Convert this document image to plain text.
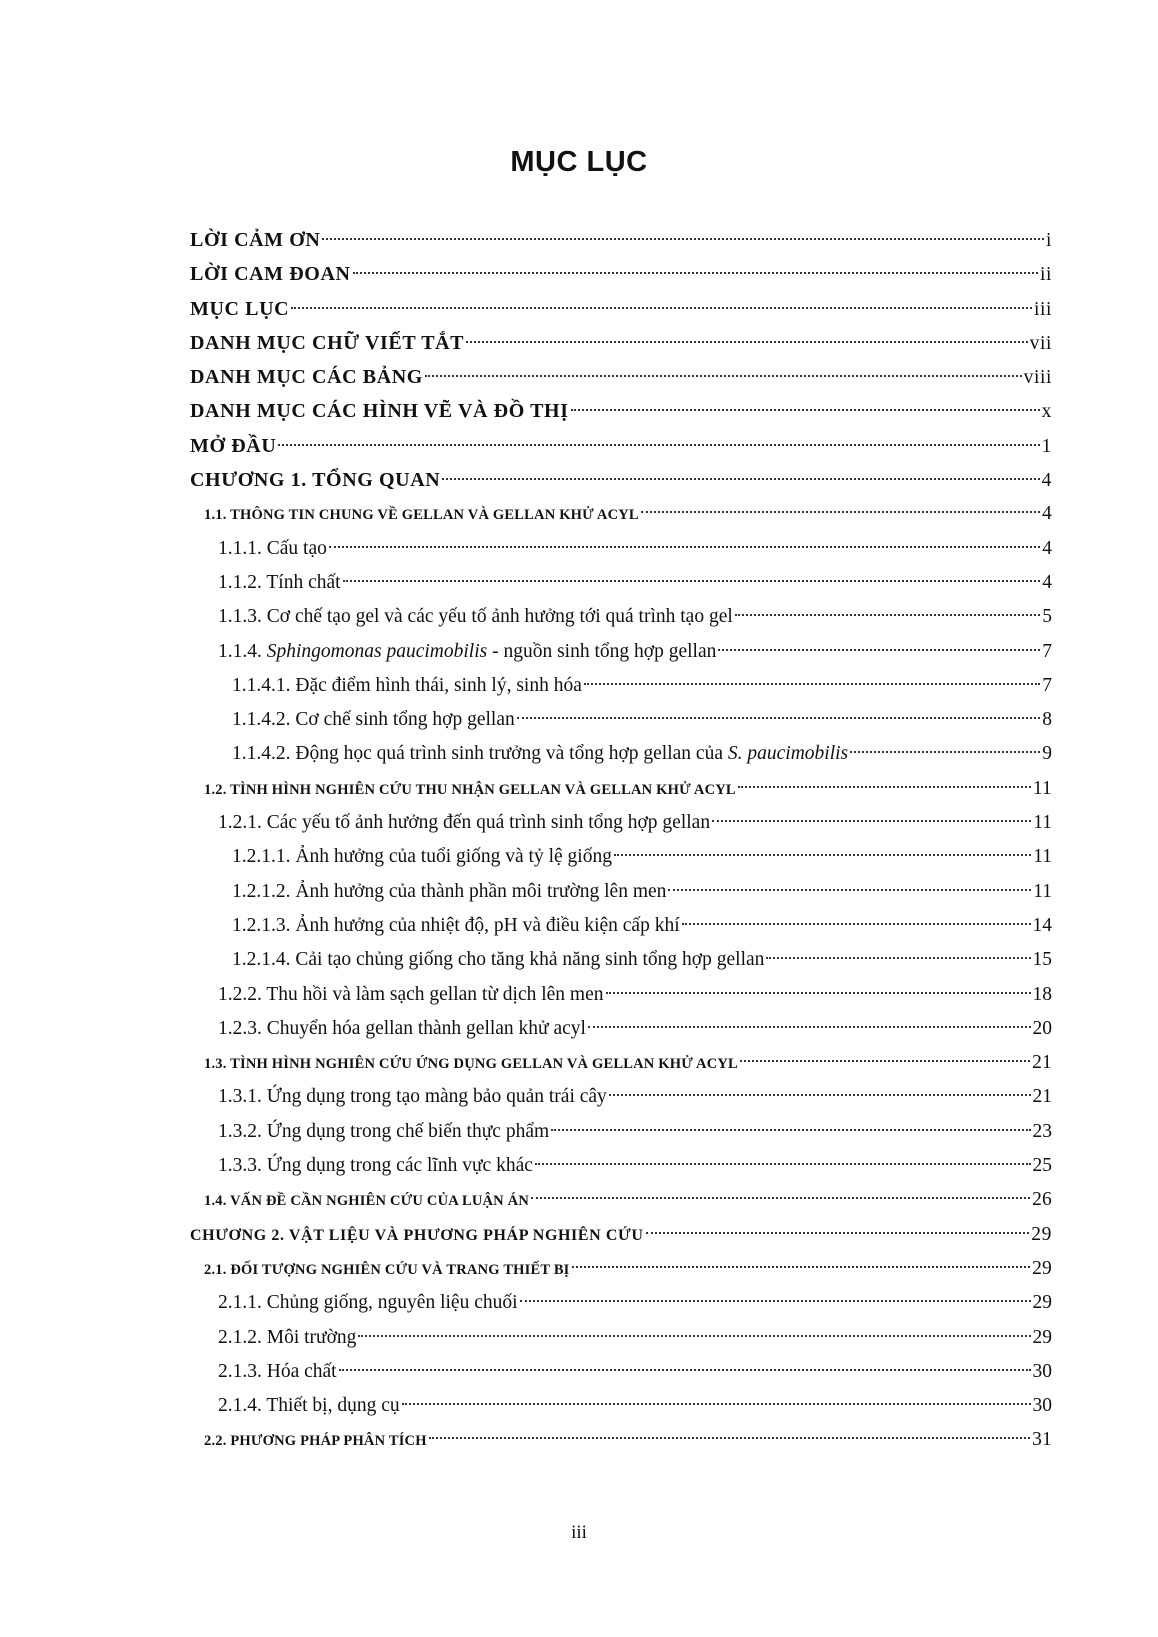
MỤC LỤC
LỜI CẢM ƠN	i
LỜI CAM ĐOAN	ii
MỤC LỤC	iii
DANH MỤC CHỮ VIẾT TẮT	vii
DANH MỤC CÁC BẢNG	viii
DANH MỤC CÁC HÌNH VẼ VÀ ĐỒ THỊ	x
MỞ ĐẦU	1
CHƯƠNG 1. TỔNG QUAN	4
1.1. THÔNG TIN CHUNG VỀ GELLAN VÀ GELLAN KHỬ ACYL	4
1.1.1. Cấu tạo	4
1.1.2. Tính chất	4
1.1.3. Cơ chế tạo gel và các yếu tố ảnh hưởng tới quá trình tạo gel	5
1.1.4. Sphingomonas paucimobilis - nguồn sinh tổng hợp gellan	7
1.1.4.1. Đặc điểm hình thái, sinh lý, sinh hóa	7
1.1.4.2. Cơ chế sinh tổng hợp gellan	8
1.1.4.2. Động học quá trình sinh trưởng và tổng hợp gellan của S. paucimobilis	9
1.2. TÌNH HÌNH NGHIÊN CỨU THU NHẬN GELLAN VÀ GELLAN KHỬ ACYL	11
1.2.1. Các yếu tố ảnh hưởng đến quá trình sinh tổng hợp gellan	11
1.2.1.1. Ảnh hưởng của tuổi giống và tỷ lệ giống	11
1.2.1.2. Ảnh hưởng của thành phần môi trường lên men	11
1.2.1.3. Ảnh hưởng của nhiệt độ, pH và điều kiện cấp khí	14
1.2.1.4. Cải tạo chủng giống cho tăng khả năng sinh tổng hợp gellan	15
1.2.2. Thu hồi và làm sạch gellan từ dịch lên men	18
1.2.3. Chuyển hóa gellan thành gellan khử acyl	20
1.3. TÌNH HÌNH NGHIÊN CỨU ỨNG DỤNG GELLAN VÀ GELLAN KHỬ ACYL	21
1.3.1. Ứng dụng trong tạo màng bảo quản trái cây	21
1.3.2. Ứng dụng trong chế biến thực phẩm	23
1.3.3. Ứng dụng trong các lĩnh vực khác	25
1.4. VẤN ĐỀ CẦN NGHIÊN CỨU CỦA LUẬN ÁN	26
CHƯƠNG 2. VẬT LIỆU VÀ PHƯƠNG PHÁP NGHIÊN CỨU	29
2.1. ĐỐI TƯỢNG NGHIÊN CỨU VÀ TRANG THIẾT BỊ	29
2.1.1. Chủng giống, nguyên liệu chuối	29
2.1.2. Môi trường	29
2.1.3. Hóa chất	30
2.1.4. Thiết bị, dụng cụ	30
2.2. PHƯƠNG PHÁP PHÂN TÍCH	31
iii
